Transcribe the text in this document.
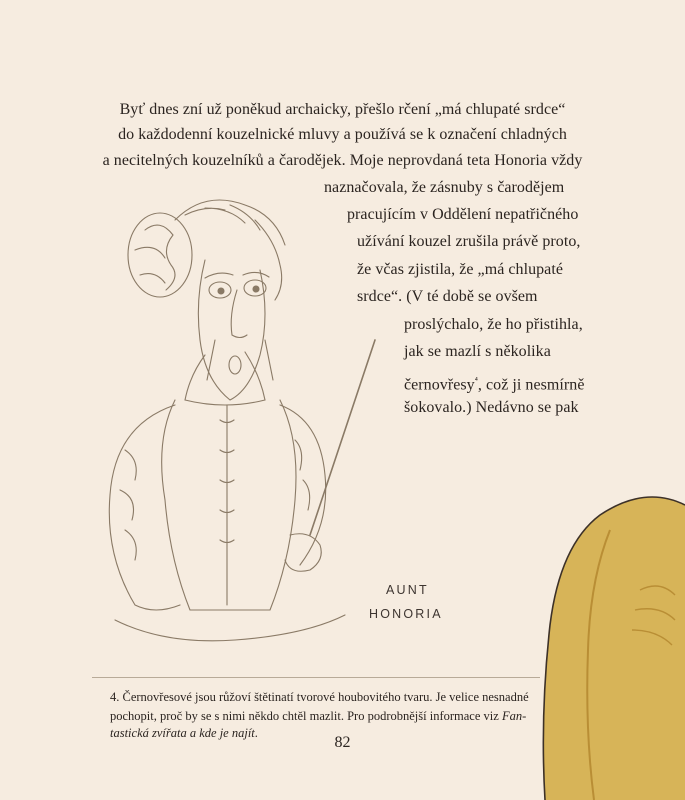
Byť dnes zní už poněkud archaicky, přešlo rčení „má chlupaté srdce“
do každodenní kouzelnické mluvy a používá se k označení chladných
a necitelných kouzelníků a čarodějek. Moje neprovdaná teta Honoria vždy
naznačovala, že zásnuby s čarodějem
pracujícím v Oddělení nepatřičného
užívání kouzel zrušila právě proto,
že včas zjistila, že „má chlupaté
srdce“. (V té době se ovšem
proslýchalo, že ho přistihla,
jak se mazlí s několika
černovřesy$^{^4}$, což ji nesmírně
šokovalo.) Nedávno se pak
AUNT
HONORIA
4. Černovřesové jsou růžoví štětinatí tvorové houbovitého tvaru. Je velice nesnadné
pochopit, proč by se s nimi někdo chtěl mazlit. Pro podrobnější informace viz Fan-
tastická zvířata a kde je najít.
82
